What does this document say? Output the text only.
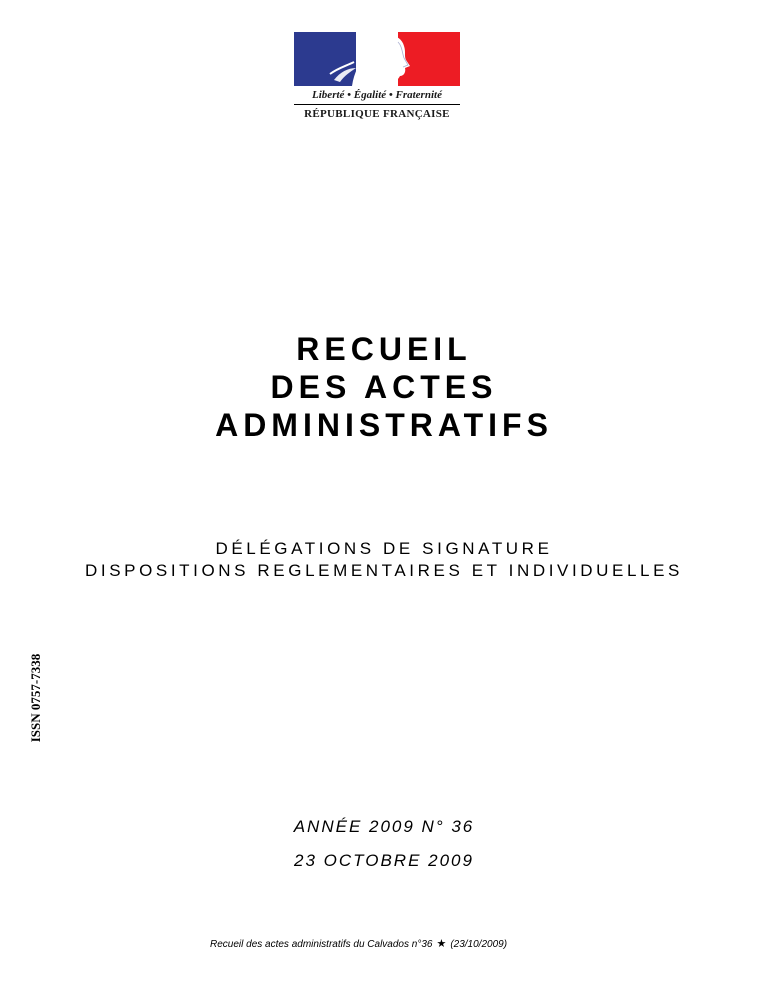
Liberté • Égalité • Fraternité
RÉPUBLIQUE FRANÇAISE
RECUEIL
DES ACTES
ADMINISTRATIFS
DÉLÉGATIONS DE SIGNATURE
DISPOSITIONS REGLEMENTAIRES ET INDIVIDUELLES
ISSN 0757-7338
ANNÉE 2009 N° 36
23 OCTOBRE 2009
Recueil des actes administratifs du Calvados n°36 ★ (23/10/2009)
